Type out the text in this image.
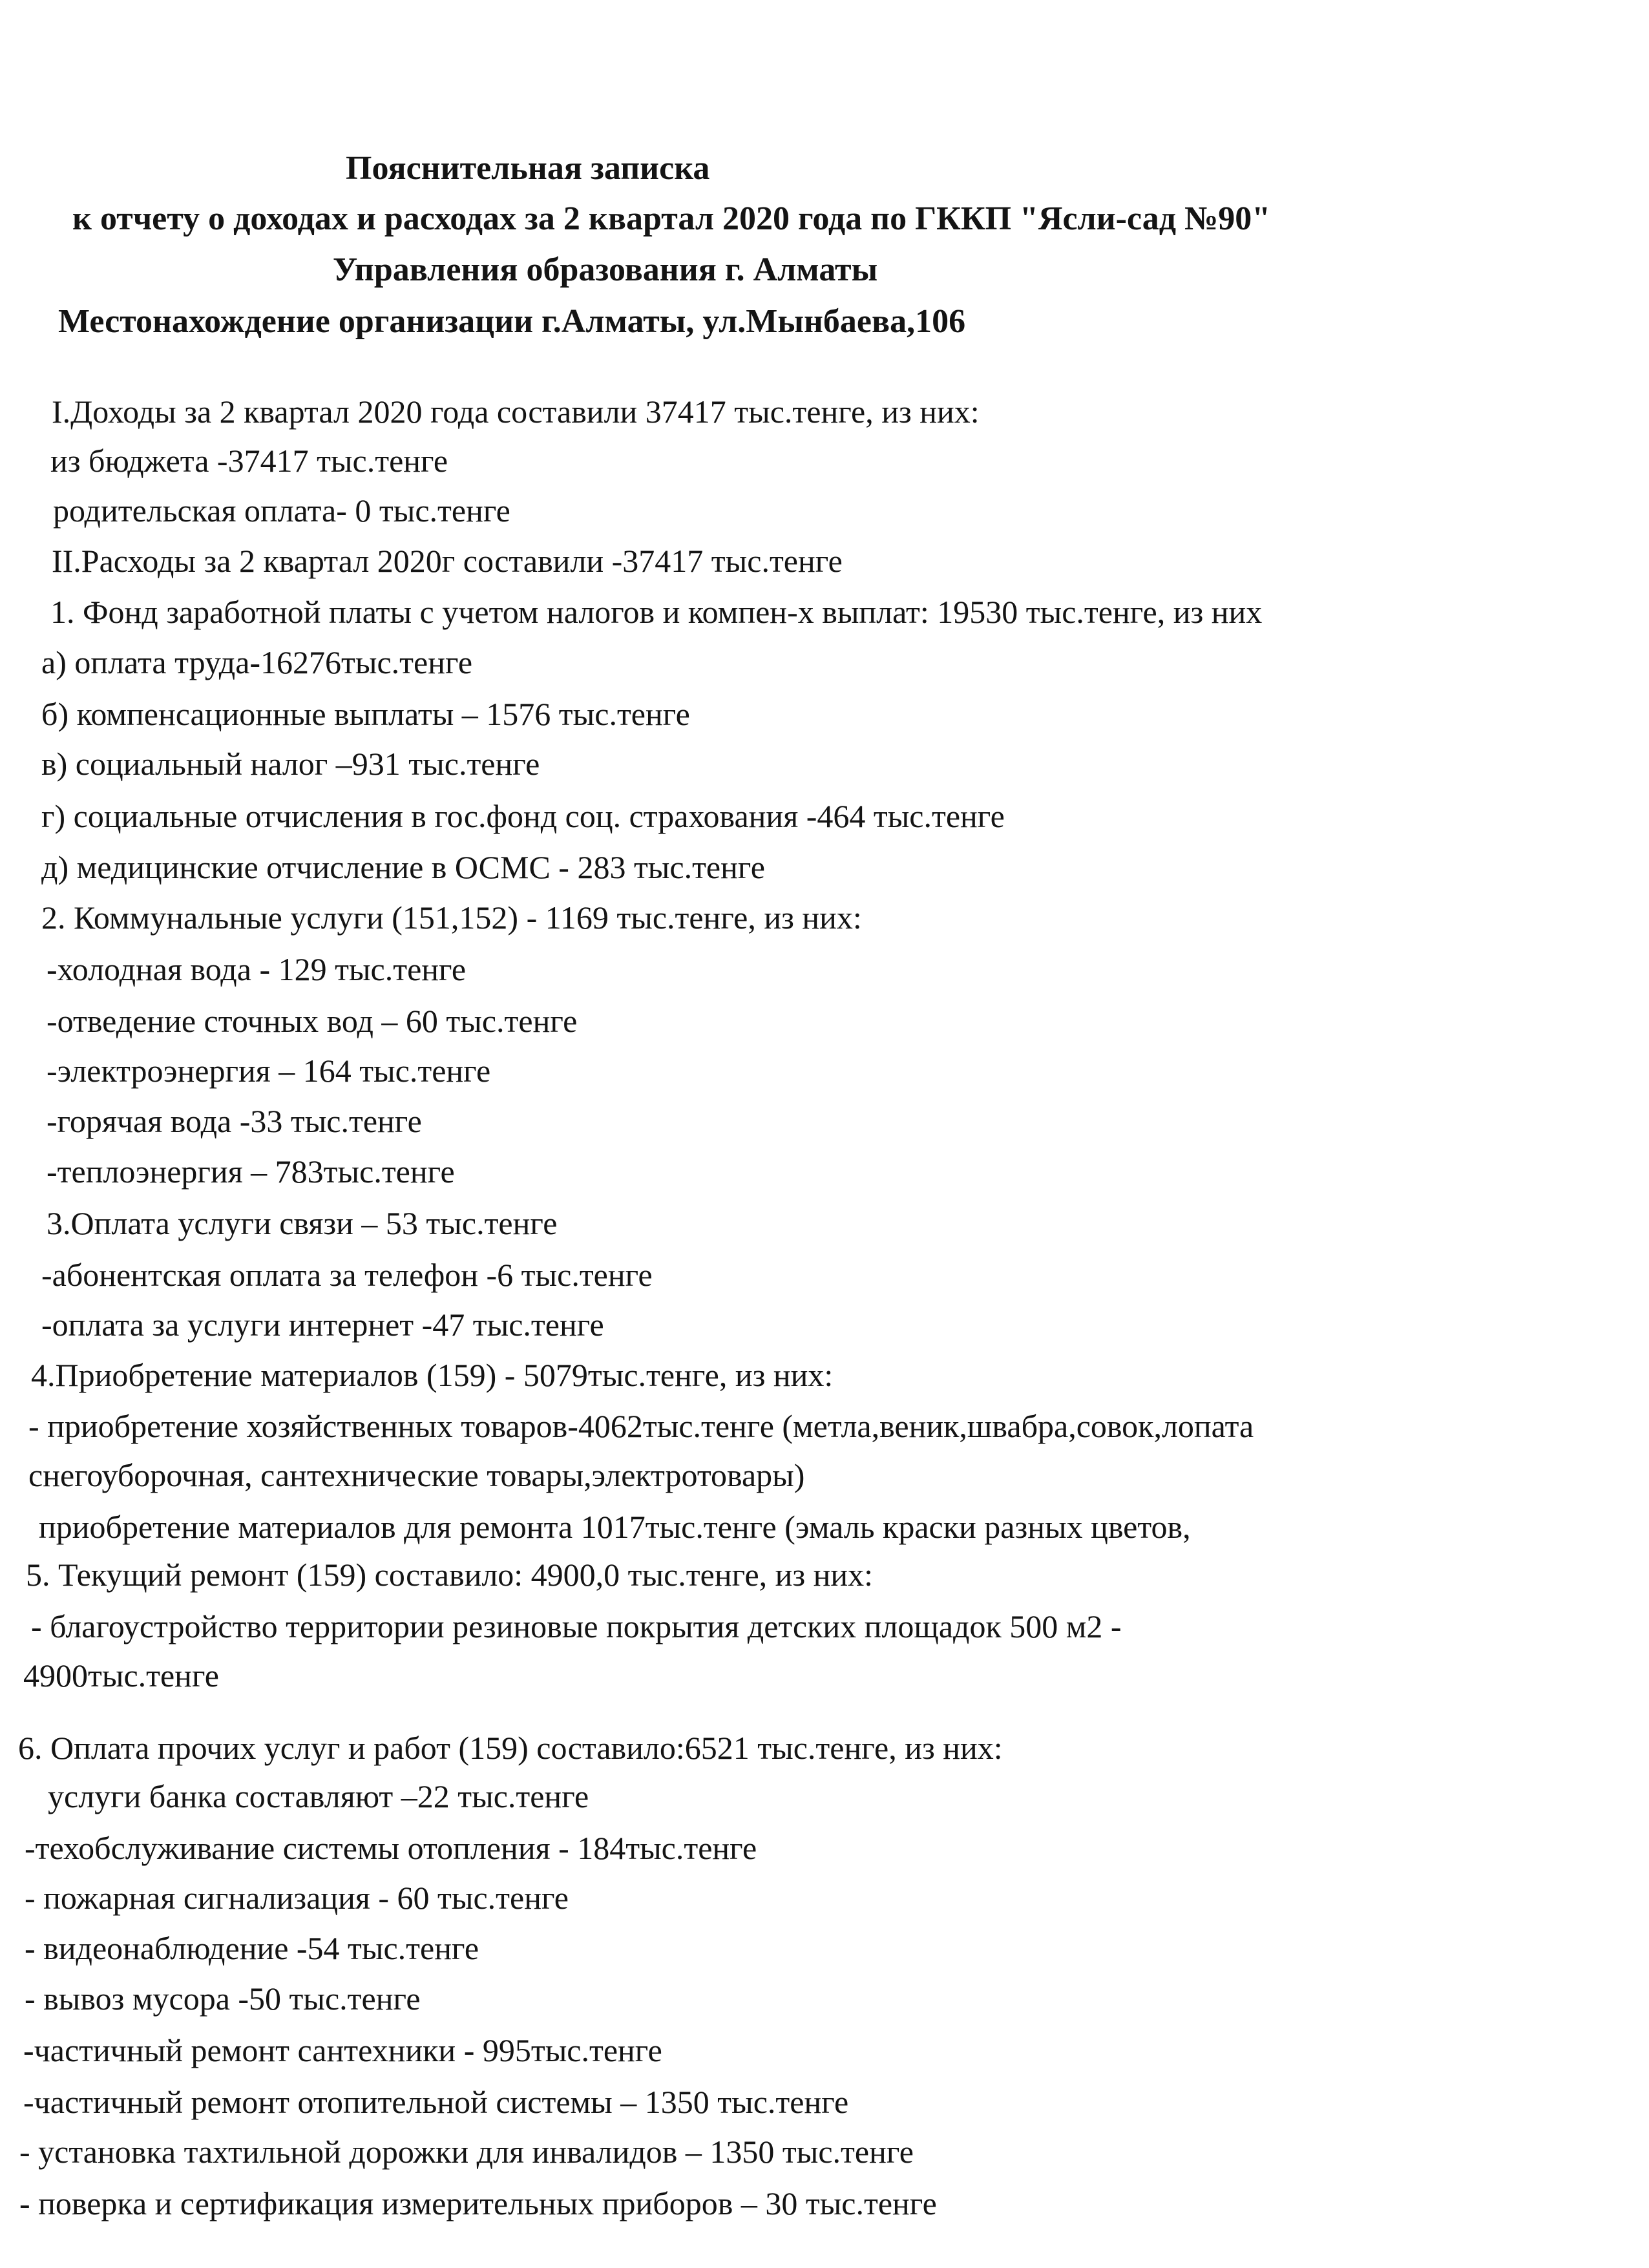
Пояснительная записка
к отчету о доходах и расходах за 2 квартал 2020 года по ГККП "Ясли-сад №90"
Управления образования г. Алматы
Местонахождение организации г.Алматы, ул.Мынбаева,106
I.Доходы за 2 квартал 2020 года составили 37417 тыс.тенге, из них:
из бюджета -37417 тыс.тенге
родительская оплата- 0 тыс.тенге
II.Расходы за 2 квартал 2020г составили -37417 тыс.тенге
1. Фонд заработной платы с учетом налогов и компен-х выплат: 19530 тыс.тенге, из них
а) оплата труда-16276тыс.тенге
б) компенсационные выплаты – 1576 тыс.тенге
в) социальный налог –931 тыс.тенге
г) социальные отчисления в гос.фонд соц. страхования -464 тыс.тенге
д) медицинские отчисление в ОСМС - 283 тыс.тенге
2. Коммунальные услуги (151,152) - 1169 тыс.тенге, из них:
-холодная вода - 129 тыс.тенге
-отведение сточных вод – 60 тыс.тенге
-электроэнергия – 164 тыс.тенге
-горячая вода -33 тыс.тенге
-теплоэнергия – 783тыс.тенге
3.Оплата услуги связи – 53 тыс.тенге
-абонентская оплата за телефон -6 тыс.тенге
-оплата за услуги интернет -47 тыс.тенге
4.Приобретение материалов (159) - 5079тыс.тенге, из них:
- приобретение хозяйственных товаров-4062тыс.тенге (метла,веник,швабра,совок,лопата
снегоуборочная, сантехнические товары,электротовары)
приобретение материалов для ремонта 1017тыс.тенге (эмаль краски разных цветов,
5. Текущий ремонт (159) составило: 4900,0 тыс.тенге, из них:
- благоустройство территории резиновые покрытия детских площадок 500 м2 -
4900тыс.тенге
6. Оплата прочих услуг и работ (159) составило:6521 тыс.тенге, из них:
услуги банка составляют –22 тыс.тенге
-техобслуживание системы отопления - 184тыс.тенге
- пожарная сигнализация - 60 тыс.тенге
- видеонаблюдение -54 тыс.тенге
- вывоз мусора -50 тыс.тенге
-частичный ремонт сантехники - 995тыс.тенге
-частичный ремонт отопительной системы – 1350 тыс.тенге
- установка тахтильной дорожки для инвалидов – 1350 тыс.тенге
- поверка и сертификация измерительных приборов – 30 тыс.тенге
